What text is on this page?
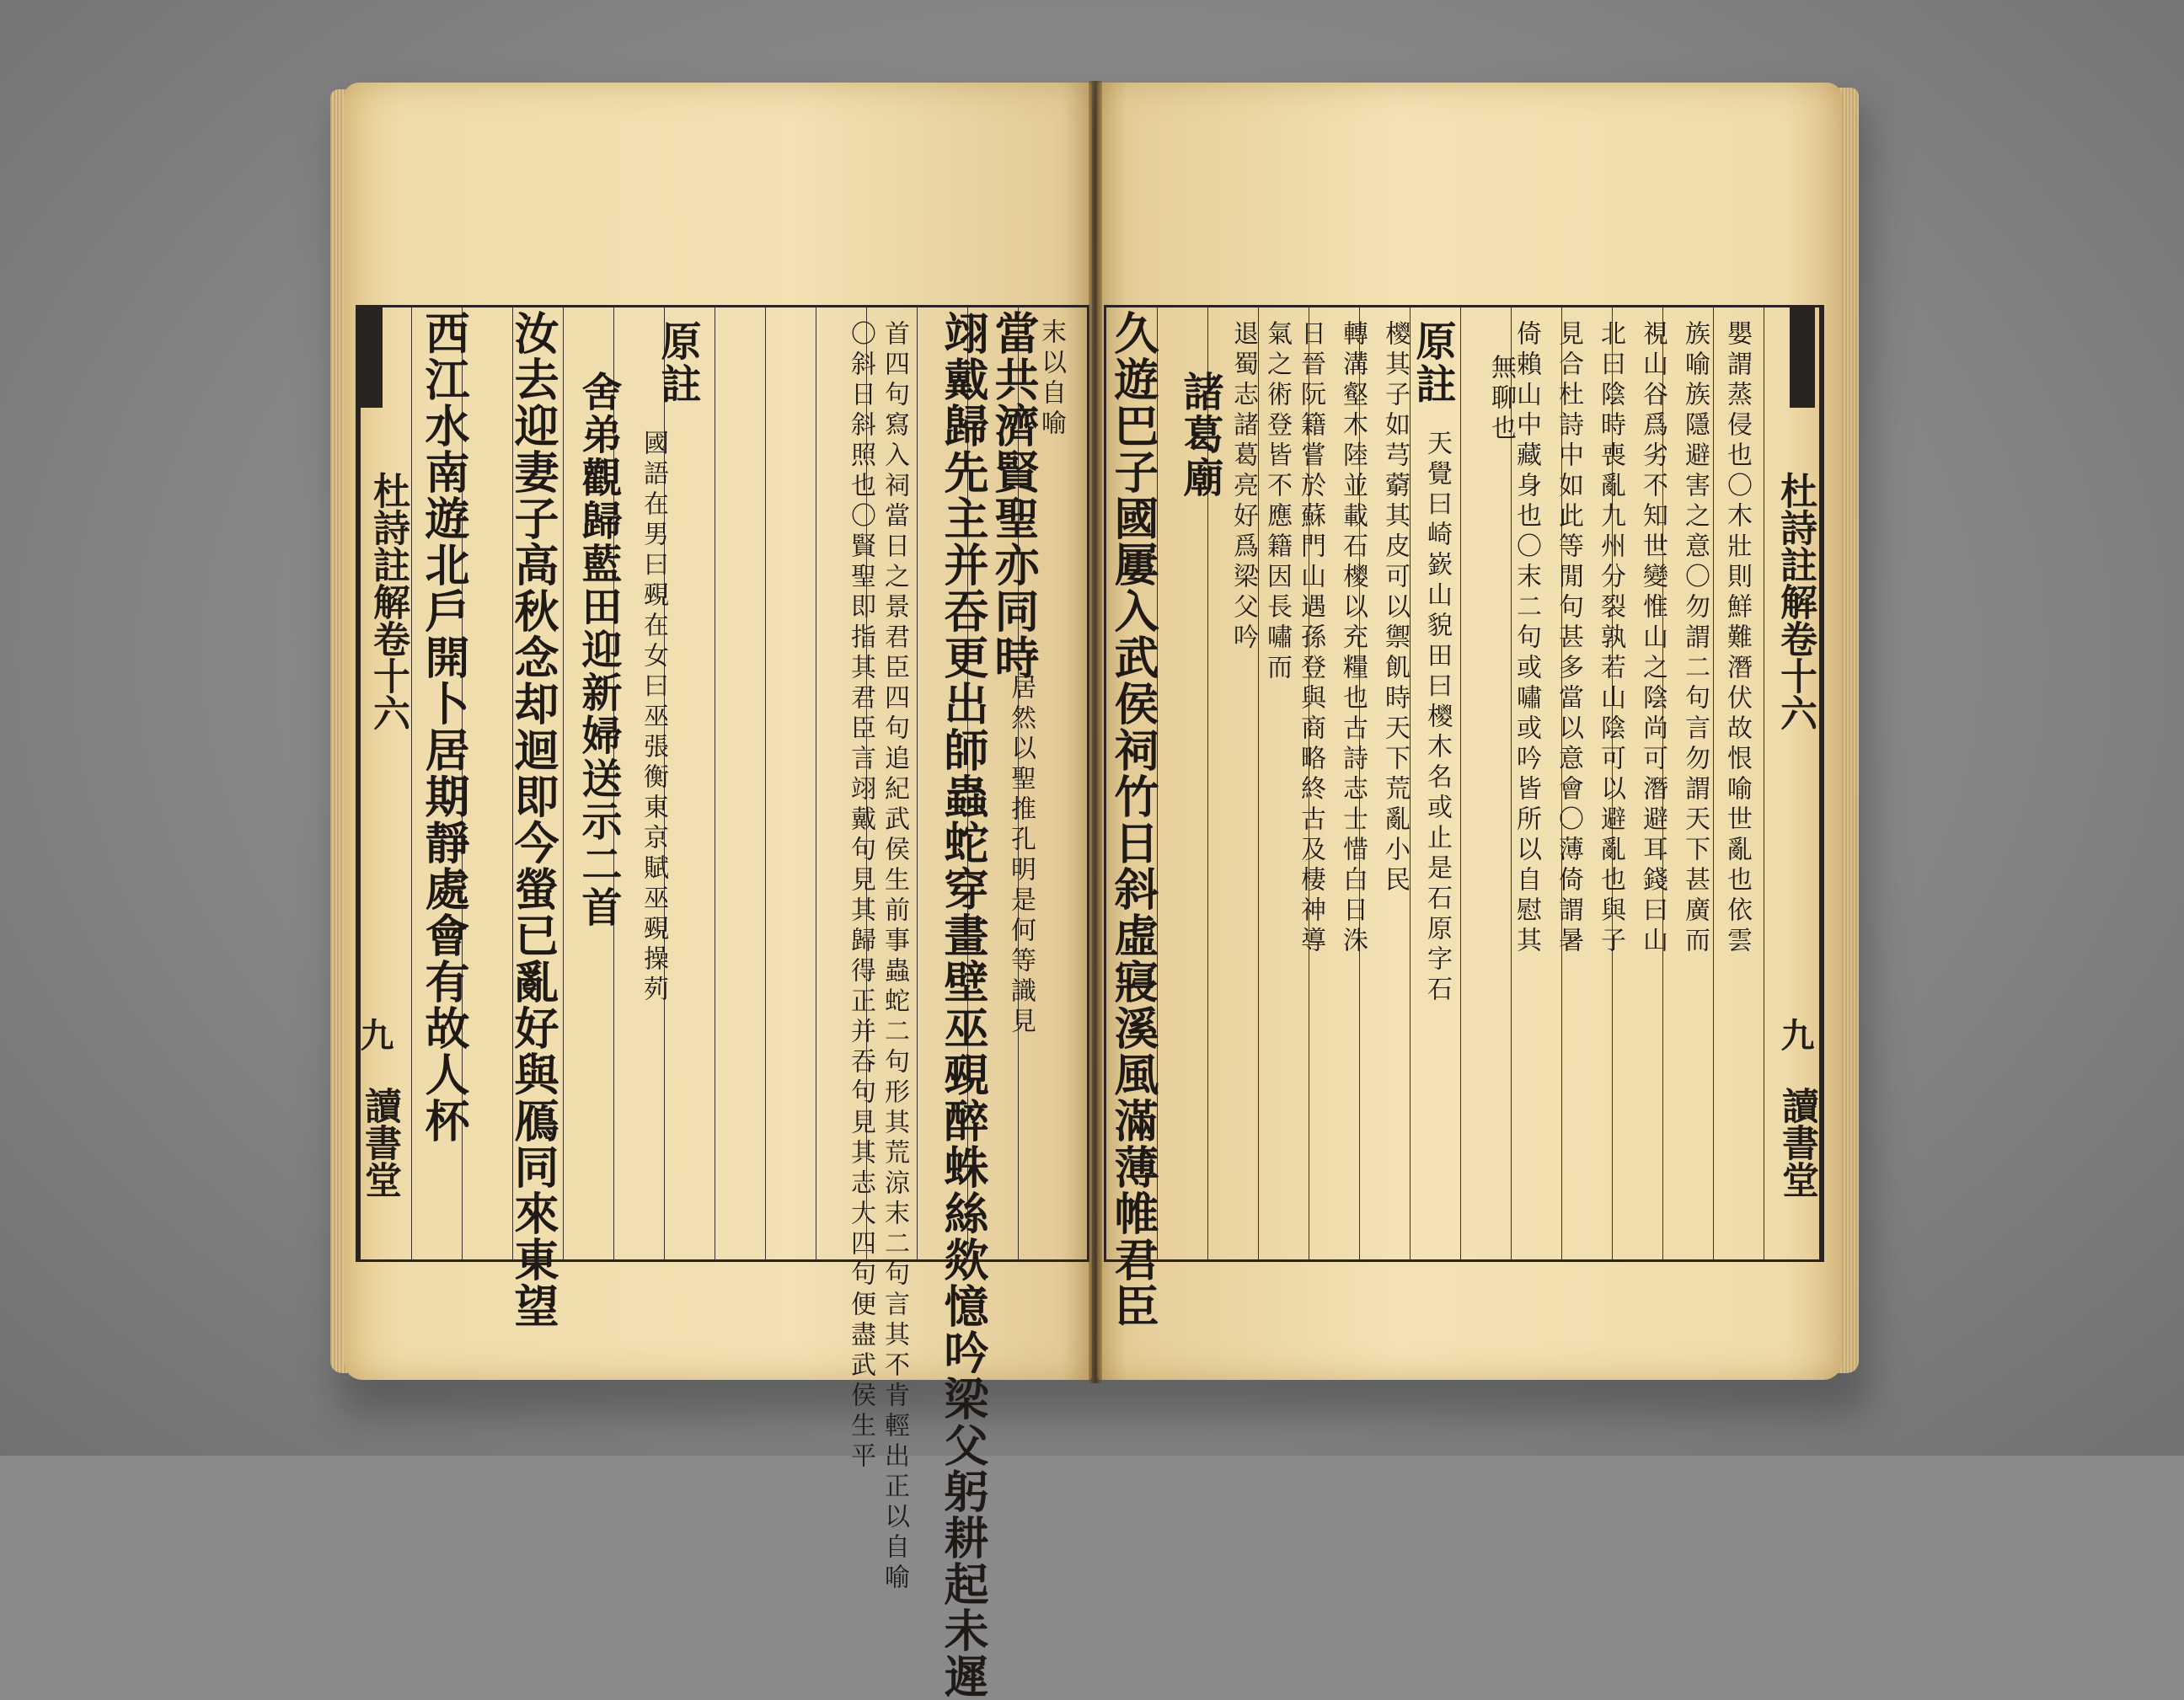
杜詩註解卷十六
九
讀書堂
末以自喻
當共濟賢聖亦同時
居然以聖推孔明是何等識見
翊戴歸先主并吞更出師蟲蛇穿畫壁巫覡醉蛛絲欻憶吟梁父躬耕起未遲
首四句寫入祠當日之景君臣四句追紀武侯生前事蟲蛇二句形其荒涼末二句言其不肯輕出正以自喻
〇斜日斜照也〇賢聖即指其君臣言翊戴句見其歸得正并吞句見其志大四句便盡武侯生平
原註
國語在男曰覡在女曰巫張衡東京賦巫覡操茢
舍弟觀歸藍田迎新婦送示二首
汝去迎妻子高秋念却迴即今螢已亂好與鴈同來東望
西江水南遊北戶開卜居期靜處會有故人杯	杜詩註解卷十六
九
讀書堂
嬰謂蒸侵也〇木壯則鮮難潛伏故恨喻世亂也依雲
族喻族隱避害之意〇勿謂二句言勿謂天下甚廣而
視山谷爲劣不知世變惟山之陰尚可潛避耳錢曰山
北曰陰時喪亂九州分裂孰若山陰可以避亂也與子
見合杜詩中如此等閒句甚多當以意會〇薄倚謂暑
倚賴山中藏身也〇末二句或嘯或吟皆所以自慰其
無聊也
原註
天覺曰崎嶔山貌田曰㯶木名或止是石原字石
㯶其子如芎藭其皮可以禦飢時天下荒亂小民
轉溝壑木陸並載石㯶以充糧也古詩志士惜白日洙
日晉阮籍嘗於蘇門山遇孫登與商略終古及棲神導
氣之術登皆不應籍因長嘯而
退蜀志諸葛亮好爲梁父吟
諸葛廟
久遊巴子國屢入武侯祠竹日斜虛寢溪風滿薄帷君臣
